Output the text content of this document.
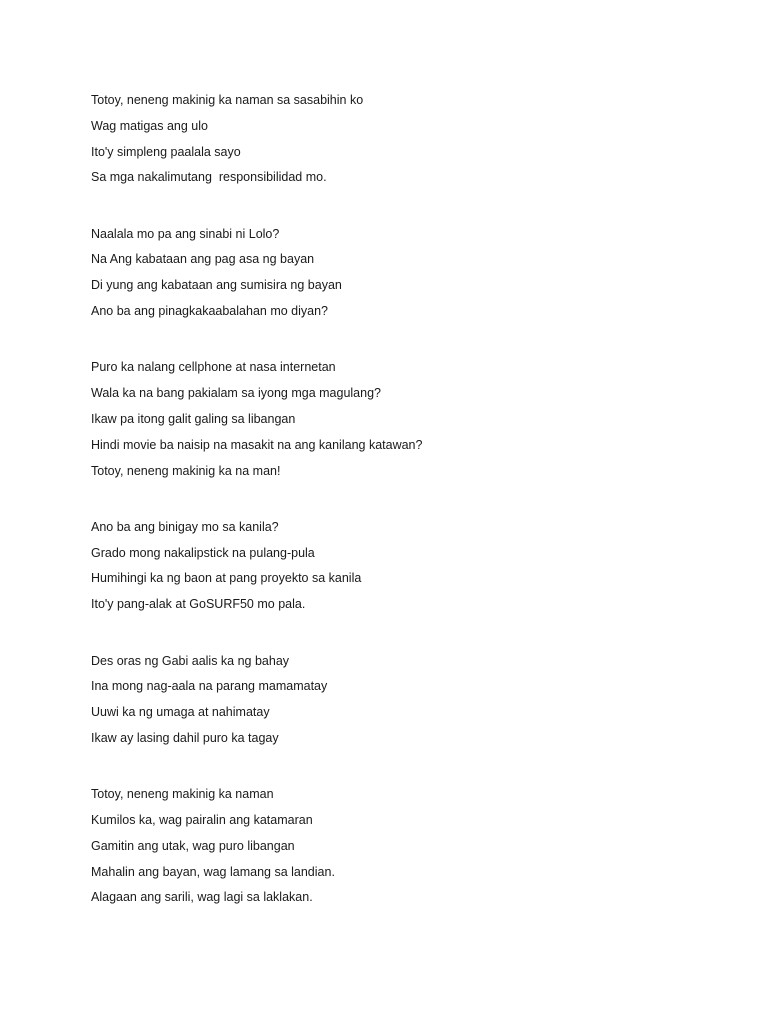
Totoy, neneng makinig ka naman sa sasabihin ko
Wag matigas ang ulo
Ito'y simpleng paalala sayo
Sa mga nakalimutang  responsibilidad mo.
Naalala mo pa ang sinabi ni Lolo?
Na Ang kabataan ang pag asa ng bayan
Di yung ang kabataan ang sumisira ng bayan
Ano ba ang pinagkakaabalahan mo diyan?
Puro ka nalang cellphone at nasa internetan
Wala ka na bang pakialam sa iyong mga magulang?
Ikaw pa itong galit galing sa libangan
Hindi movie ba naisip na masakit na ang kanilang katawan?
Totoy, neneng makinig ka na man!
Ano ba ang binigay mo sa kanila?
Grado mong nakalipstick na pulang-pula
Humihingi ka ng baon at pang proyekto sa kanila
Ito'y pang-alak at GoSURF50 mo pala.
Des oras ng Gabi aalis ka ng bahay
Ina mong nag-aala na parang mamamatay
Uuwi ka ng umaga at nahimatay
Ikaw ay lasing dahil puro ka tagay
Totoy, neneng makinig ka naman
Kumilos ka, wag pairalin ang katamaran
Gamitin ang utak, wag puro libangan
Mahalin ang bayan, wag lamang sa landian.
Alagaan ang sarili, wag lagi sa laklakan.
